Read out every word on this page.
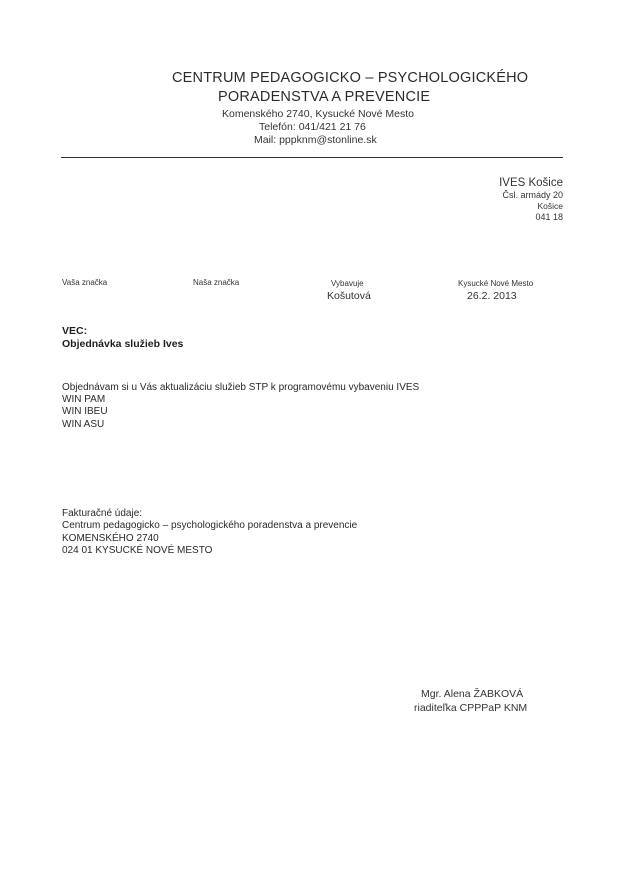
CENTRUM PEDAGOGICKO – PSYCHOLOGICKÉHO
PORADENSTVA A PREVENCIE
Komenského 2740, Kysucké Nové Mesto
Telefón: 041/421 21 76
Mail: pppknm@stonline.sk
IVES Košice
Čsl. armády 20
Košice
041 18
Vaša značka	Naša značka	Vybavuje
Košutová
Kysucké Nové Mesto
26.2. 2013
VEC:
Objednávka služieb Ives
Objednávam si u Vás aktualizáciu služieb STP k programovému vybaveniu IVES
WIN PAM
WIN IBEU
WIN ASU
Fakturačné údaje:
Centrum pedagogicko – psychologického poradenstva a prevencie
KOMENSKÉHO 2740
024 01 KYSUCKÉ NOVÉ MESTO
Mgr. Alena ŽABKOVÁ
riaditeľka CPPPaP KNM
